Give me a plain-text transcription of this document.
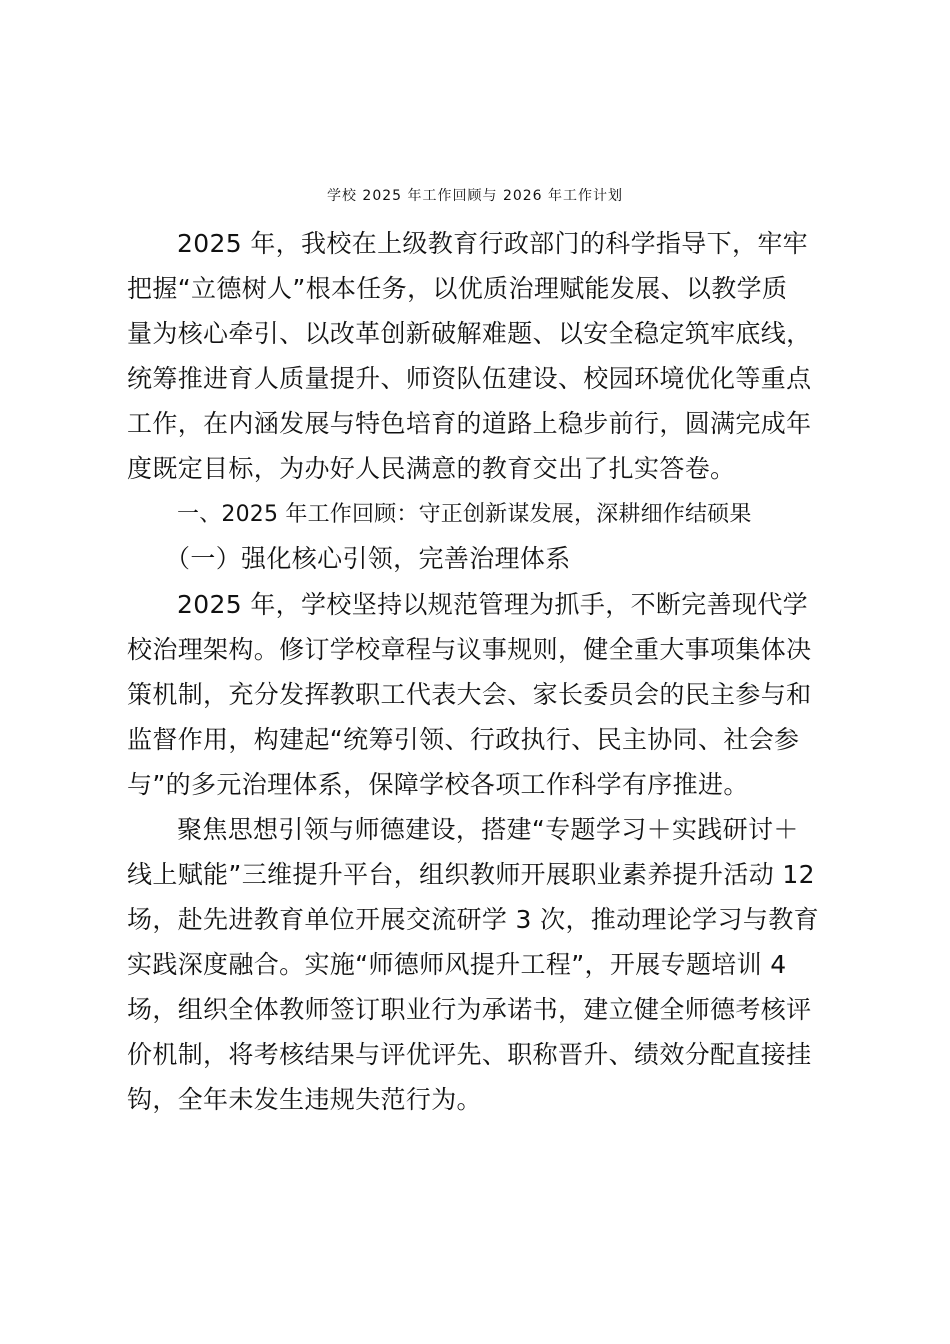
学校 2025 年工作回顾与 2026 年工作计划
2025 年，我校在上级教育行政部门的科学指导下，牢牢
把握“立德树人”根本任务，以优质治理赋能发展、以教学质
量为核心牵引、以改革创新破解难题、以安全稳定筑牢底线，
统筹推进育人质量提升、师资队伍建设、校园环境优化等重点
工作，在内涵发展与特色培育的道路上稳步前行，圆满完成年
度既定目标，为办好人民满意的教育交出了扎实答卷。
一、2025 年工作回顾：守正创新谋发展，深耕细作结硕果
（一）强化核心引领，完善治理体系
2025 年，学校坚持以规范管理为抓手，不断完善现代学
校治理架构。修订学校章程与议事规则，健全重大事项集体决
策机制，充分发挥教职工代表大会、家长委员会的民主参与和
监督作用，构建起“统筹引领、行政执行、民主协同、社会参
与”的多元治理体系，保障学校各项工作科学有序推进。
聚焦思想引领与师德建设，搭建“专题学习＋实践研讨＋
线上赋能”三维提升平台，组织教师开展职业素养提升活动 12
场，赴先进教育单位开展交流研学 3 次，推动理论学习与教育
实践深度融合。实施“师德师风提升工程”，开展专题培训 4
场，组织全体教师签订职业行为承诺书，建立健全师德考核评
价机制，将考核结果与评优评先、职称晋升、绩效分配直接挂
钩，全年未发生违规失范行为。
